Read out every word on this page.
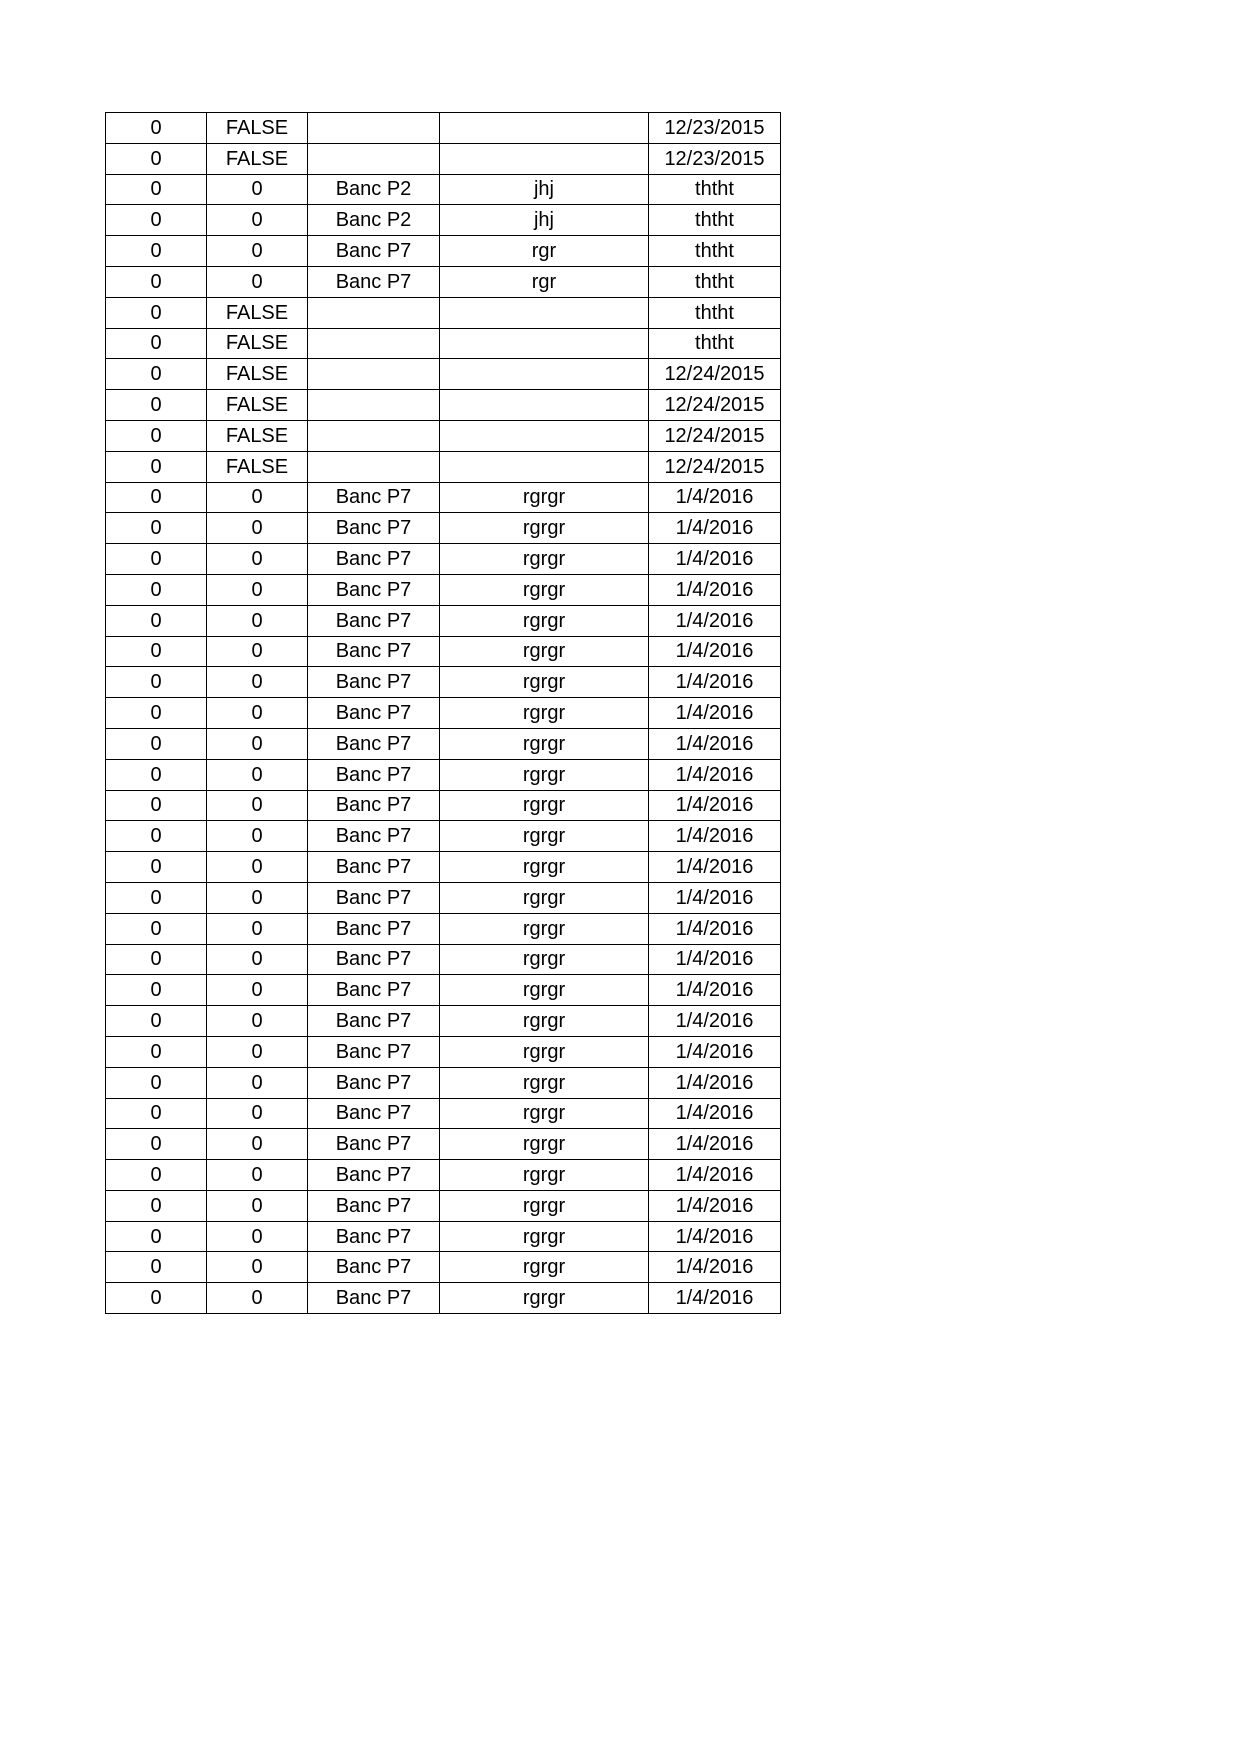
0	FALSE			12/23/2015
0	FALSE			12/23/2015
0	0	Banc P2	jhj	ththt
0	0	Banc P2	jhj	ththt
0	0	Banc P7	rgr	ththt
0	0	Banc P7	rgr	ththt
0	FALSE			ththt
0	FALSE			ththt
0	FALSE			12/24/2015
0	FALSE			12/24/2015
0	FALSE			12/24/2015
0	FALSE			12/24/2015
0	0	Banc P7	rgrgr	1/4/2016
0	0	Banc P7	rgrgr	1/4/2016
0	0	Banc P7	rgrgr	1/4/2016
0	0	Banc P7	rgrgr	1/4/2016
0	0	Banc P7	rgrgr	1/4/2016
0	0	Banc P7	rgrgr	1/4/2016
0	0	Banc P7	rgrgr	1/4/2016
0	0	Banc P7	rgrgr	1/4/2016
0	0	Banc P7	rgrgr	1/4/2016
0	0	Banc P7	rgrgr	1/4/2016
0	0	Banc P7	rgrgr	1/4/2016
0	0	Banc P7	rgrgr	1/4/2016
0	0	Banc P7	rgrgr	1/4/2016
0	0	Banc P7	rgrgr	1/4/2016
0	0	Banc P7	rgrgr	1/4/2016
0	0	Banc P7	rgrgr	1/4/2016
0	0	Banc P7	rgrgr	1/4/2016
0	0	Banc P7	rgrgr	1/4/2016
0	0	Banc P7	rgrgr	1/4/2016
0	0	Banc P7	rgrgr	1/4/2016
0	0	Banc P7	rgrgr	1/4/2016
0	0	Banc P7	rgrgr	1/4/2016
0	0	Banc P7	rgrgr	1/4/2016
0	0	Banc P7	rgrgr	1/4/2016
0	0	Banc P7	rgrgr	1/4/2016
0	0	Banc P7	rgrgr	1/4/2016
0	0	Banc P7	rgrgr	1/4/2016
